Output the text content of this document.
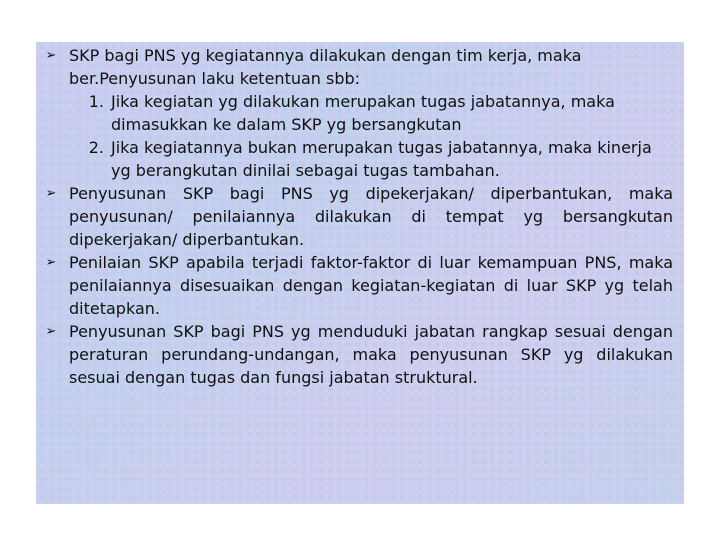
➢ SKP bagi PNS yg kegiatannya dilakukan dengan tim kerja, maka ber.Penyusunan laku ketentuan sbb:
1. Jika kegiatan yg dilakukan merupakan tugas jabatannya, maka dimasukkan ke dalam SKP yg bersangkutan
2. Jika kegiatannya bukan merupakan tugas jabatannya, maka kinerja yg berangkutan dinilai sebagai tugas tambahan.
➢ Penyusunan SKP bagi PNS yg dipekerjakan/ diperbantukan, maka penyusunan/ penilaiannya dilakukan di tempat yg bersangkutan dipekerjakan/ diperbantukan.
➢ Penilaian SKP apabila terjadi faktor-faktor di luar kemampuan PNS, maka penilaiannya disesuaikan dengan kegiatan-kegiatan di luar SKP yg telah ditetapkan.
➢ Penyusunan SKP bagi PNS yg menduduki jabatan rangkap sesuai dengan peraturan perundang-undangan, maka penyusunan SKP yg dilakukan sesuai dengan tugas dan fungsi jabatan struktural.
